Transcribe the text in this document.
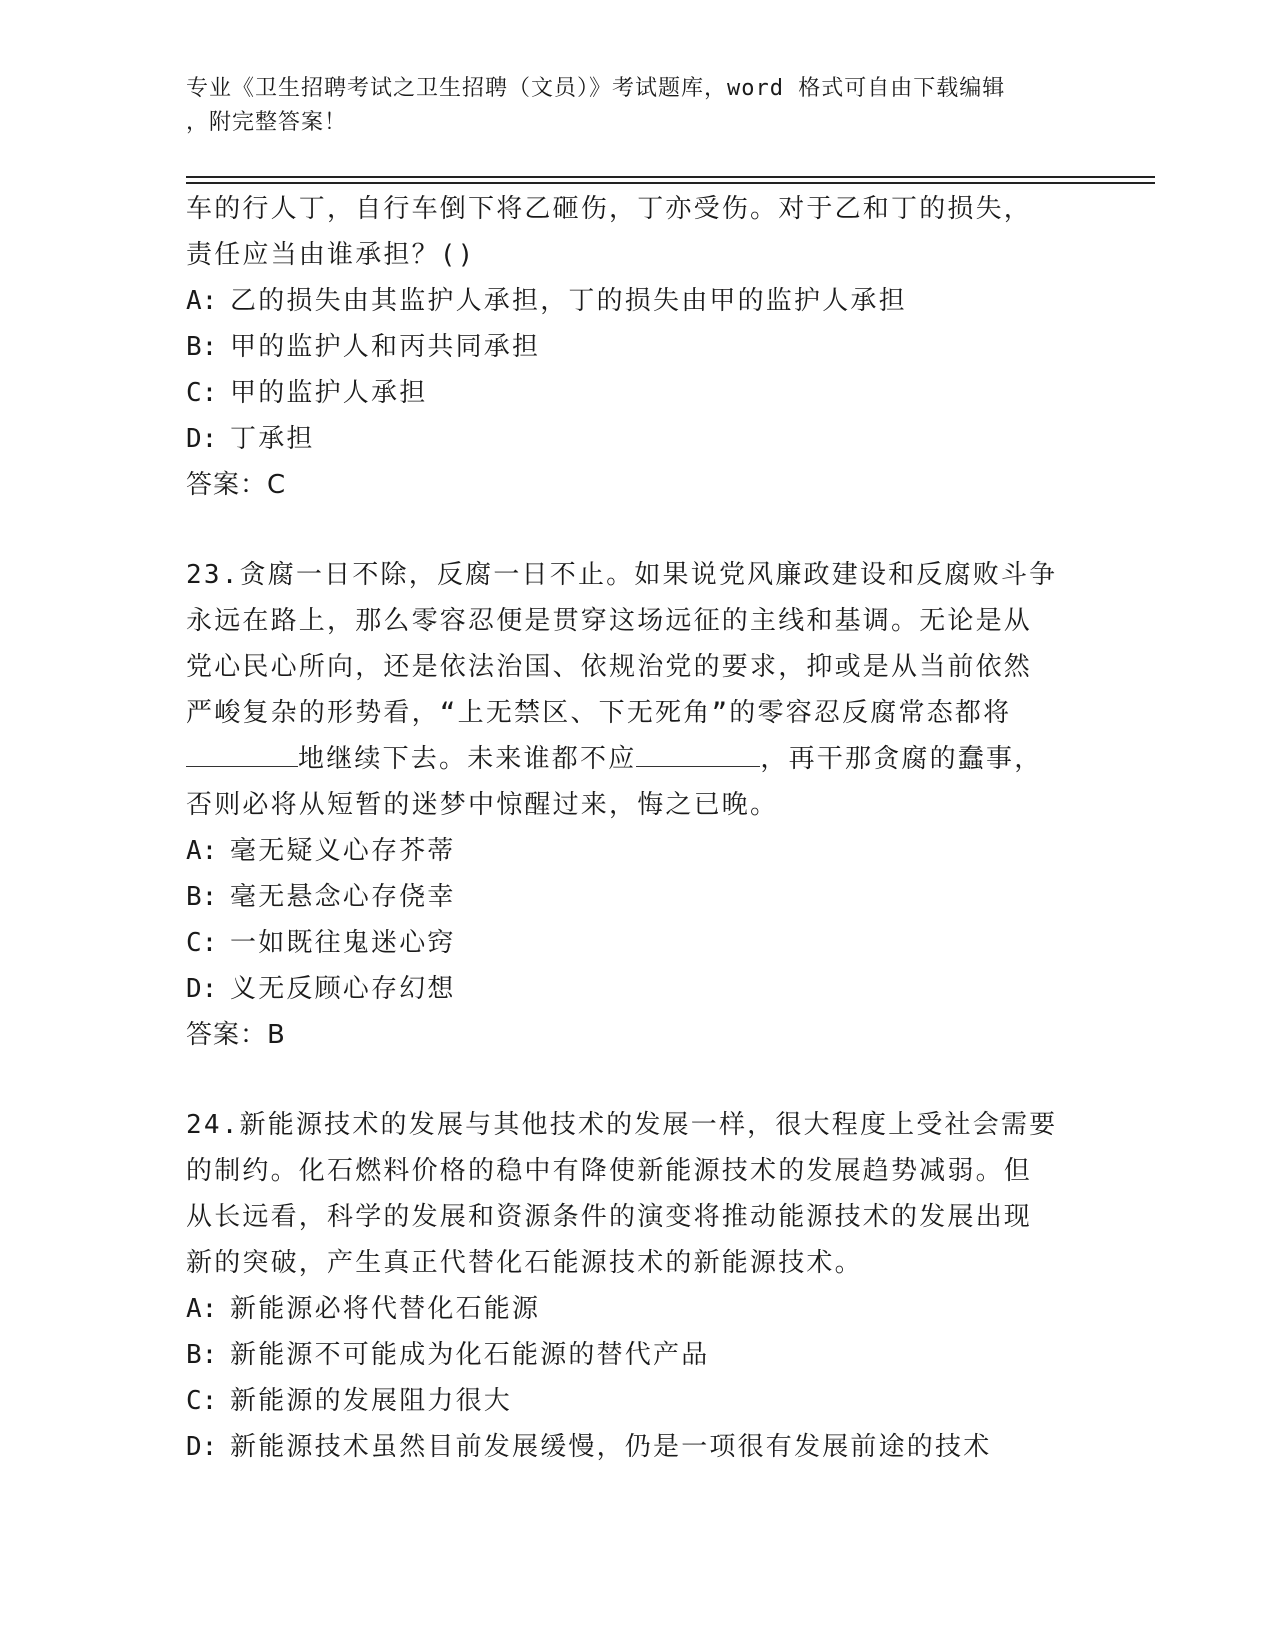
专业《卫生招聘考试之卫生招聘（文员）》考试题库，word 格式可自由下载编辑
，附完整答案！
车的行人丁，自行车倒下将乙砸伤，丁亦受伤。对于乙和丁的损失，
责任应当由谁承担？()
A: 乙的损失由其监护人承担，丁的损失由甲的监护人承担
B: 甲的监护人和丙共同承担
C: 甲的监护人承担
D: 丁承担
答案：C
23.贪腐一日不除，反腐一日不止。如果说党风廉政建设和反腐败斗争
永远在路上，那么零容忍便是贯穿这场远征的主线和基调。无论是从
党心民心所向，还是依法治国、依规治党的要求，抑或是从当前依然
严峻复杂的形势看，“上无禁区、下无死角”的零容忍反腐常态都将
地继续下去。未来谁都不应	，再干那贪腐的蠢事，
否则必将从短暂的迷梦中惊醒过来，悔之已晚。
A: 毫无疑义心存芥蒂
B: 毫无悬念心存侥幸
C: 一如既往鬼迷心窍
D: 义无反顾心存幻想
答案：B
24.新能源技术的发展与其他技术的发展一样，很大程度上受社会需要
的制约。化石燃料价格的稳中有降使新能源技术的发展趋势减弱。但
从长远看，科学的发展和资源条件的演变将推动能源技术的发展出现
新的突破，产生真正代替化石能源技术的新能源技术。
A: 新能源必将代替化石能源
B: 新能源不可能成为化石能源的替代产品
C: 新能源的发展阻力很大
D: 新能源技术虽然目前发展缓慢，仍是一项很有发展前途的技术
